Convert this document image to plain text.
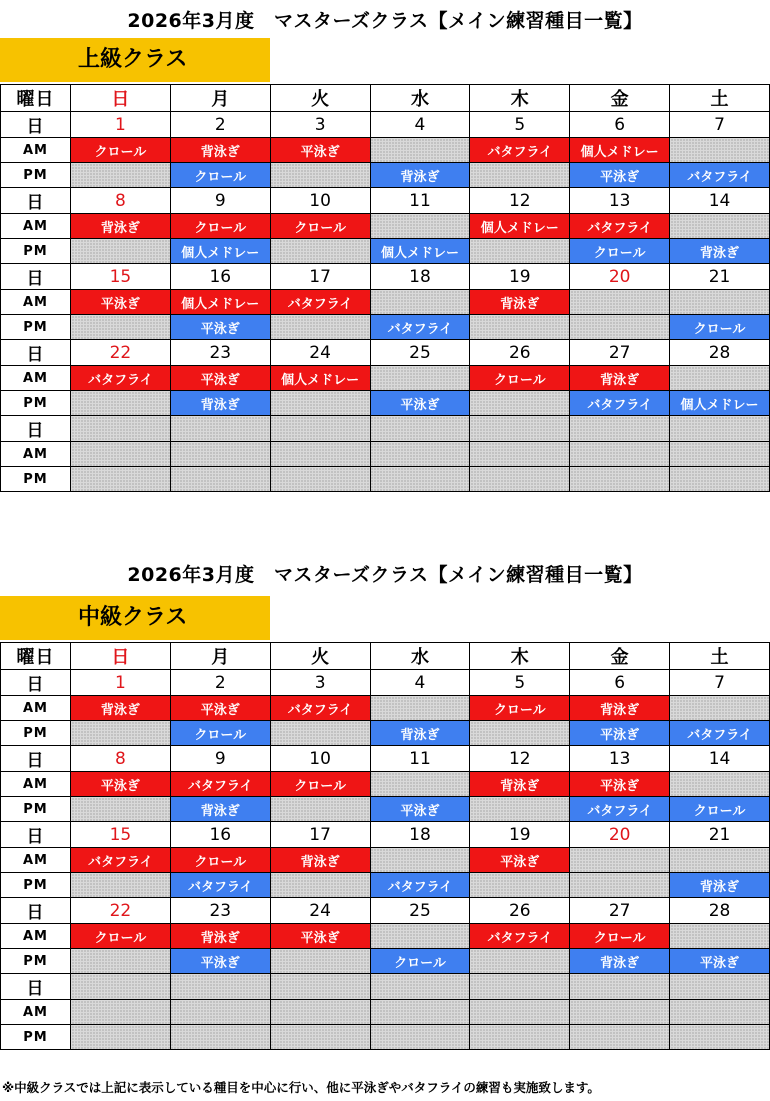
2026年3月度　マスターズクラス【メイン練習種目一覧】
上級クラス
曜日	日	月	火	水	木	金	土
日	1	2	3	4	5	6	7
AM	クロール	背泳ぎ	平泳ぎ		バタフライ	個人メドレー	
PM		クロール		背泳ぎ		平泳ぎ	バタフライ
日	8	9	10	11	12	13	14
AM	背泳ぎ	クロール	クロール		個人メドレー	バタフライ	
PM		個人メドレー		個人メドレー		クロール	背泳ぎ
日	15	16	17	18	19	20	21
AM	平泳ぎ	個人メドレー	バタフライ		背泳ぎ		
PM		平泳ぎ		バタフライ			クロール
日	22	23	24	25	26	27	28
AM	バタフライ	平泳ぎ	個人メドレー		クロール	背泳ぎ	
PM		背泳ぎ		平泳ぎ		バタフライ	個人メドレー
日							
AM							
PM							
2026年3月度　マスターズクラス【メイン練習種目一覧】
中級クラス
曜日	日	月	火	水	木	金	土
日	1	2	3	4	5	6	7
AM	背泳ぎ	平泳ぎ	バタフライ		クロール	背泳ぎ	
PM		クロール		背泳ぎ		平泳ぎ	バタフライ
日	8	9	10	11	12	13	14
AM	平泳ぎ	バタフライ	クロール		背泳ぎ	平泳ぎ	
PM		背泳ぎ		平泳ぎ		バタフライ	クロール
日	15	16	17	18	19	20	21
AM	バタフライ	クロール	背泳ぎ		平泳ぎ		
PM		バタフライ		バタフライ			背泳ぎ
日	22	23	24	25	26	27	28
AM	クロール	背泳ぎ	平泳ぎ		バタフライ	クロール	
PM		平泳ぎ		クロール		背泳ぎ	平泳ぎ
日							
AM							
PM							
※中級クラスでは上記に表示している種目を中心に行い、他に平泳ぎやバタフライの練習も実施致します。
